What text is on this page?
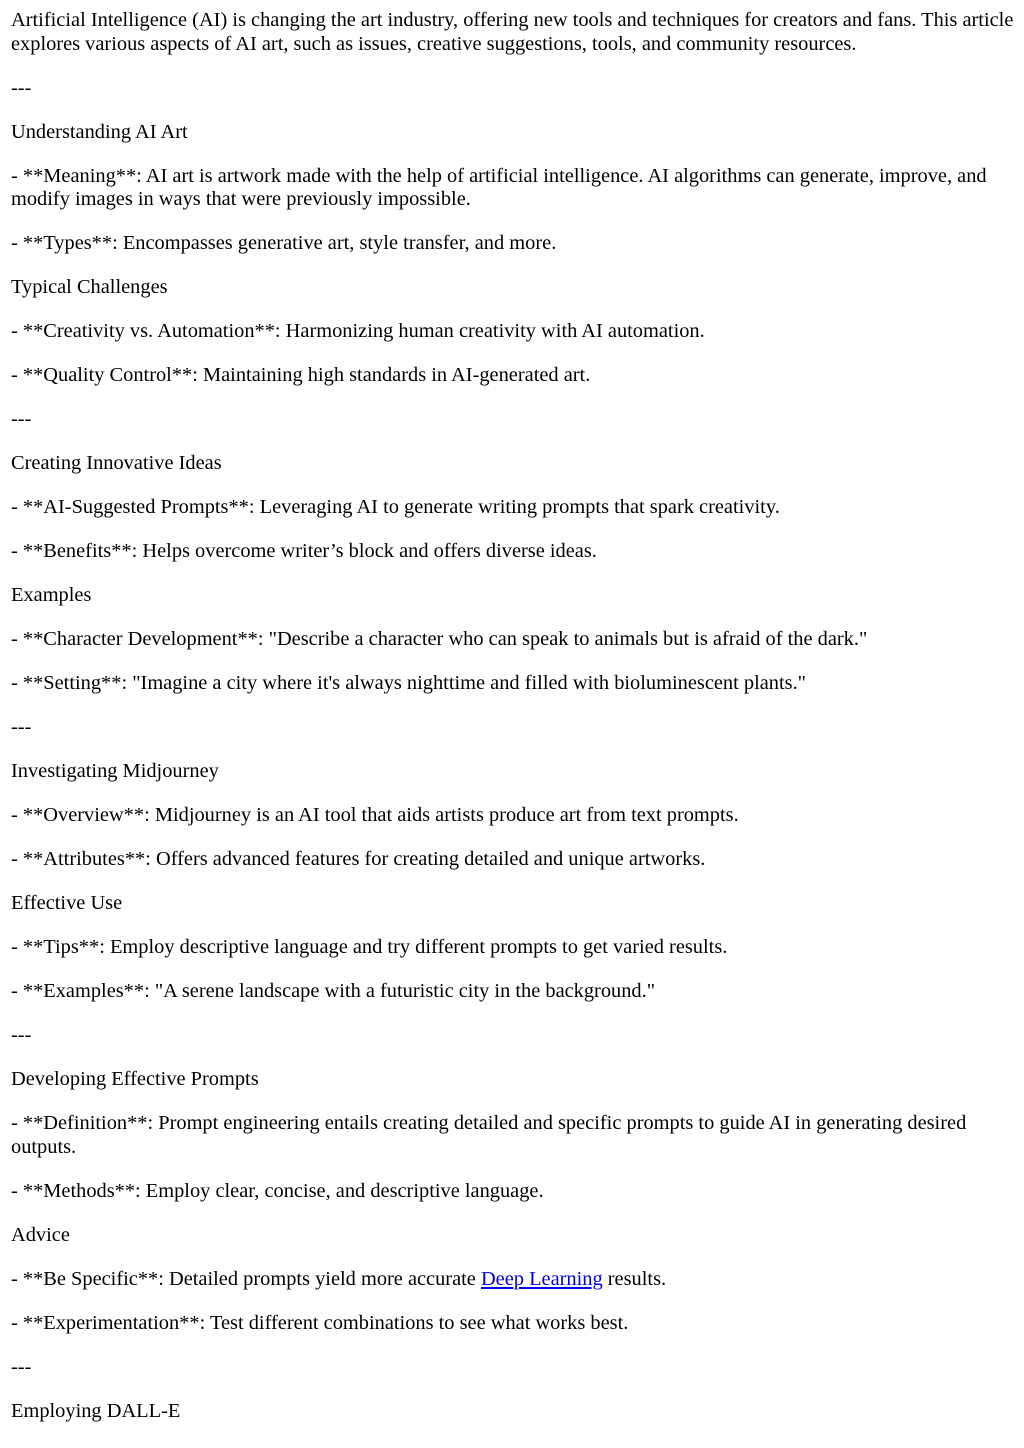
Artificial Intelligence (AI) is changing the art industry, offering new tools and techniques for creators and fans. This article explores various aspects of AI art, such as issues, creative suggestions, tools, and community resources.

---

Understanding AI Art

- **Meaning**: AI art is artwork made with the help of artificial intelligence. AI algorithms can generate, improve, and modify images in ways that were previously impossible.

- **Types**: Encompasses generative art, style transfer, and more.

Typical Challenges

- **Creativity vs. Automation**: Harmonizing human creativity with AI automation.

- **Quality Control**: Maintaining high standards in AI-generated art.

---

Creating Innovative Ideas

- **AI-Suggested Prompts**: Leveraging AI to generate writing prompts that spark creativity.

- **Benefits**: Helps overcome writer’s block and offers diverse ideas.

Examples

- **Character Development**: "Describe a character who can speak to animals but is afraid of the dark."

- **Setting**: "Imagine a city where it's always nighttime and filled with bioluminescent plants."

---

Investigating Midjourney

- **Overview**: Midjourney is an AI tool that aids artists produce art from text prompts.

- **Attributes**: Offers advanced features for creating detailed and unique artworks.

Effective Use

- **Tips**: Employ descriptive language and try different prompts to get varied results.

- **Examples**: "A serene landscape with a futuristic city in the background."

---

Developing Effective Prompts

- **Definition**: Prompt engineering entails creating detailed and specific prompts to guide AI in generating desired outputs.

- **Methods**: Employ clear, concise, and descriptive language.

Advice

- **Be Specific**: Detailed prompts yield more accurate Deep Learning results.

- **Experimentation**: Test different combinations to see what works best.

---

Employing DALL-E
